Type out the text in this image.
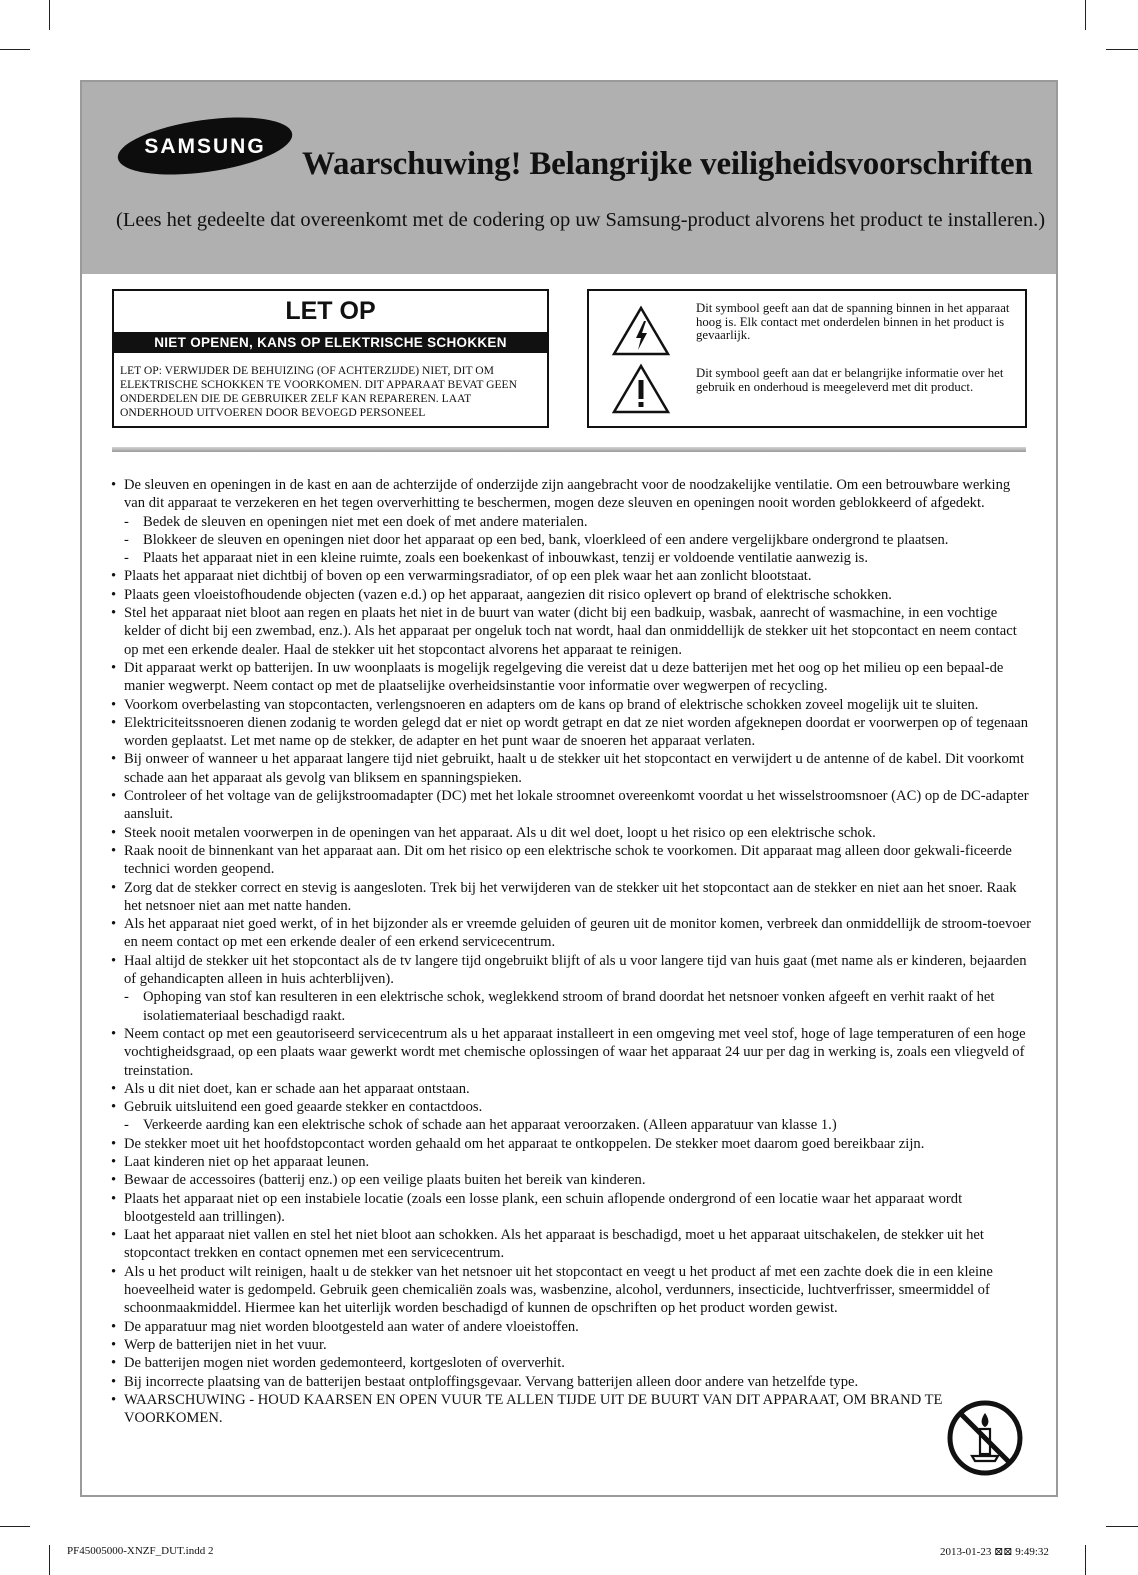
SAMSUNG Waarschuwing! Belangrijke veiligheidsvoorschriften
(Lees het gedeelte dat overeenkomt met de codering op uw Samsung-product alvorens het product te installeren.)
LET OP
NIET OPENEN, KANS OP ELEKTRISCHE SCHOKKEN
LET OP: VERWIJDER DE BEHUIZING (OF ACHTERZIJDE) NIET, DIT OM ELEKTRISCHE SCHOKKEN TE VOORKOMEN. DIT APPARAAT BEVAT GEEN ONDERDELEN DIE DE GEBRUIKER ZELF KAN REPAREREN. LAAT ONDERHOUD UITVOEREN DOOR BEVOEGD PERSONEEL
Dit symbool geeft aan dat de spanning binnen in het apparaat hoog is. Elk contact met onderdelen binnen in het product is gevaarlijk.
Dit symbool geeft aan dat er belangrijke informatie over het gebruik en onderhoud is meegeleverd met dit product.
• De sleuven en openingen in de kast en aan de achterzijde of onderzijde zijn aangebracht voor de noodzakelijke ventilatie. Om een betrouwbare werking van dit apparaat te verzekeren en het tegen oververhitting te beschermen, mogen deze sleuven en openingen nooit worden geblokkeerd of afgedekt.
- Bedek de sleuven en openingen niet met een doek of met andere materialen.
- Blokkeer de sleuven en openingen niet door het apparaat op een bed, bank, vloerkleed of een andere vergelijkbare ondergrond te plaatsen.
- Plaats het apparaat niet in een kleine ruimte, zoals een boekenkast of inbouwkast, tenzij er voldoende ventilatie aanwezig is.
• Plaats het apparaat niet dichtbij of boven op een verwarmingsradiator, of op een plek waar het aan zonlicht blootstaat.
• Plaats geen vloeistofhoudende objecten (vazen e.d.) op het apparaat, aangezien dit risico oplevert op brand of elektrische schokken.
• Stel het apparaat niet bloot aan regen en plaats het niet in de buurt van water (dicht bij een badkuip, wasbak, aanrecht of wasmachine, in een vochtige kelder of dicht bij een zwembad, enz.). Als het apparaat per ongeluk toch nat wordt, haal dan onmiddellijk de stekker uit het stopcontact en neem contact op met een erkende dealer. Haal de stekker uit het stopcontact alvorens het apparaat te reinigen.
• Dit apparaat werkt op batterijen. In uw woonplaats is mogelijk regelgeving die vereist dat u deze batterijen met het oog op het milieu op een bepaal-de manier wegwerpt. Neem contact op met de plaatselijke overheidsinstantie voor informatie over wegwerpen of recycling.
• Voorkom overbelasting van stopcontacten, verlengsnoeren en adapters om de kans op brand of elektrische schokken zoveel mogelijk uit te sluiten.
• Elektriciteitssnoeren dienen zodanig te worden gelegd dat er niet op wordt getrapt en dat ze niet worden afgeknepen doordat er voorwerpen op of tegenaan worden geplaatst. Let met name op de stekker, de adapter en het punt waar de snoeren het apparaat verlaten.
• Bij onweer of wanneer u het apparaat langere tijd niet gebruikt, haalt u de stekker uit het stopcontact en verwijdert u de antenne of de kabel. Dit voorkomt schade aan het apparaat als gevolg van bliksem en spanningspieken.
• Controleer of het voltage van de gelijkstroomadapter (DC) met het lokale stroomnet overeenkomt voordat u het wisselstroomsnoer (AC) op de DC-adapter aansluit.
• Steek nooit metalen voorwerpen in de openingen van het apparaat. Als u dit wel doet, loopt u het risico op een elektrische schok.
• Raak nooit de binnenkant van het apparaat aan. Dit om het risico op een elektrische schok te voorkomen. Dit apparaat mag alleen door gekwali-ficeerde technici worden geopend.
• Zorg dat de stekker correct en stevig is aangesloten. Trek bij het verwijderen van de stekker uit het stopcontact aan de stekker en niet aan het snoer. Raak het netsnoer niet aan met natte handen.
• Als het apparaat niet goed werkt, of in het bijzonder als er vreemde geluiden of geuren uit de monitor komen, verbreek dan onmiddellijk de stroom-toevoer en neem contact op met een erkende dealer of een erkend servicecentrum.
• Haal altijd de stekker uit het stopcontact als de tv langere tijd ongebruikt blijft of als u voor langere tijd van huis gaat (met name als er kinderen, bejaarden of gehandicapten alleen in huis achterblijven).
- Ophoping van stof kan resulteren in een elektrische schok, weglekkend stroom of brand doordat het netsnoer vonken afgeeft en verhit raakt of het isolatiemateriaal beschadigd raakt.
• Neem contact op met een geautoriseerd servicecentrum als u het apparaat installeert in een omgeving met veel stof, hoge of lage temperaturen of een hoge vochtigheidsgraad, op een plaats waar gewerkt wordt met chemische oplossingen of waar het apparaat 24 uur per dag in werking is, zoals een vliegveld of treinstation.
• Als u dit niet doet, kan er schade aan het apparaat ontstaan.
• Gebruik uitsluitend een goed geaarde stekker en contactdoos.
- Verkeerde aarding kan een elektrische schok of schade aan het apparaat veroorzaken. (Alleen apparatuur van klasse 1.)
• De stekker moet uit het hoofdstopcontact worden gehaald om het apparaat te ontkoppelen. De stekker moet daarom goed bereikbaar zijn.
• Laat kinderen niet op het apparaat leunen.
• Bewaar de accessoires (batterij enz.) op een veilige plaats buiten het bereik van kinderen.
• Plaats het apparaat niet op een instabiele locatie (zoals een losse plank, een schuin aflopende ondergrond of een locatie waar het apparaat wordt blootgesteld aan trillingen).
• Laat het apparaat niet vallen en stel het niet bloot aan schokken. Als het apparaat is beschadigd, moet u het apparaat uitschakelen, de stekker uit het stopcontact trekken en contact opnemen met een servicecentrum.
• Als u het product wilt reinigen, haalt u de stekker van het netsnoer uit het stopcontact en veegt u het product af met een zachte doek die in een kleine hoeveelheid water is gedompeld. Gebruik geen chemicaliën zoals was, wasbenzine, alcohol, verdunners, insecticide, luchtverfrisser, smeermiddel of schoonmaakmiddel. Hiermee kan het uiterlijk worden beschadigd of kunnen de opschriften op het product worden gewist.
• De apparatuur mag niet worden blootgesteld aan water of andere vloeistoffen.
• Werp de batterijen niet in het vuur.
• De batterijen mogen niet worden gedemonteerd, kortgesloten of oververhit.
• Bij incorrecte plaatsing van de batterijen bestaat ontploffingsgevaar. Vervang batterijen alleen door andere van hetzelfde type.
• WAARSCHUWING - HOUD KAARSEN EN OPEN VUUR TE ALLEN TIJDE UIT DE BUURT VAN DIT APPARAAT, OM BRAND TE VOORKOMEN.
PF45005000-XNZF_DUT.indd 2	2013-01-23 ⊠⊠ 9:49:32
